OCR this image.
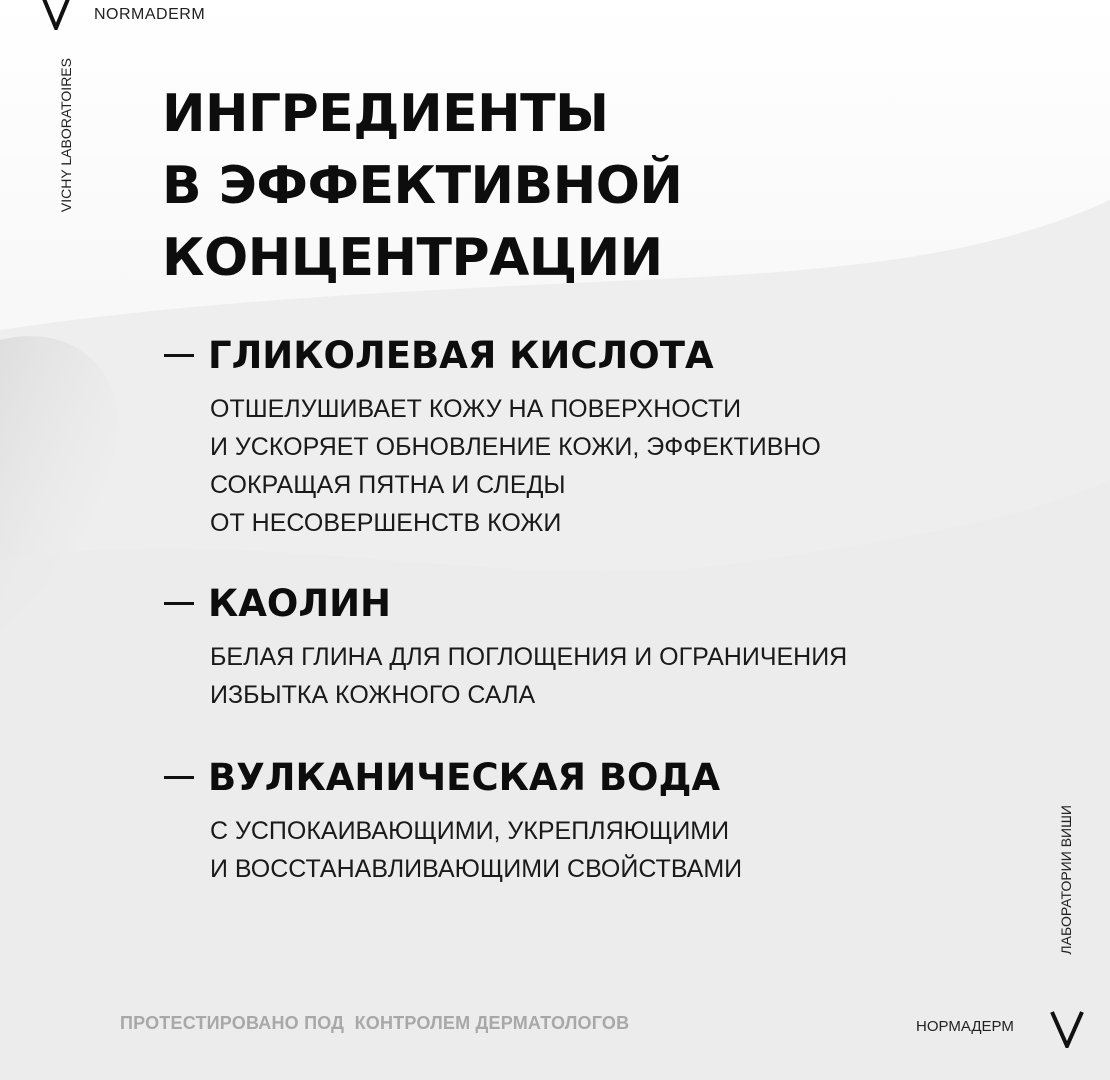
NORMADERM
VICHY LABORATOIRES ИНГРЕДИЕНТЫ
В ЭФФЕКТИВНОЙ
КОНЦЕНТРАЦИИ
ГЛИКОЛЕВАЯ КИСЛОТА
ОТШЕЛУШИВАЕТ КОЖУ НА ПОВЕРХНОСТИ
И УСКОРЯЕТ ОБНОВЛЕНИЕ КОЖИ, ЭФФЕКТИВНО
СОКРАЩАЯ ПЯТНА И СЛЕДЫ
ОТ НЕСОВЕРШЕНСТВ КОЖИ
КАОЛИН
БЕЛАЯ ГЛИНА ДЛЯ ПОГЛОЩЕНИЯ И ОГРАНИЧЕНИЯ
ИЗБЫТКА КОЖНОГО САЛА
ВУЛКАНИЧЕСКАЯ ВОДА
С УСПОКАИВАЮЩИМИ, УКРЕПЛЯЮЩИМИ
И ВОССТАНАВЛИВАЮЩИМИ СВОЙСТВАМИ	ЛАБОРАТОРИИ ВИШИ
ПРОТЕСТИРОВАНО ПОД  КОНТРОЛЕМ ДЕРМАТОЛОГОВ	НОРМАДЕРМ
